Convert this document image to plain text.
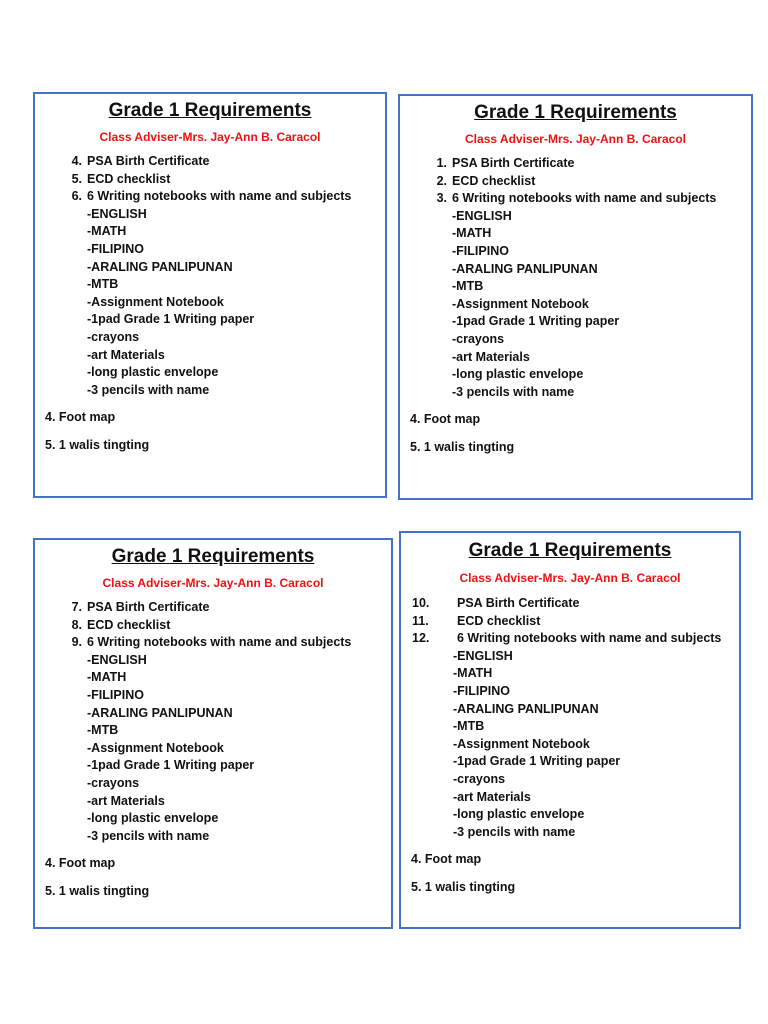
Grade 1 Requirements
Class Adviser-Mrs. Jay-Ann B. Caracol
4. PSA Birth Certificate
5. ECD checklist
6. 6 Writing notebooks with name and subjects
-ENGLISH
-MATH
-FILIPINO
-ARALING PANLIPUNAN
-MTB
-Assignment Notebook
-1pad Grade 1 Writing paper
-crayons
-art Materials
-long plastic envelope
-3 pencils with name
4. Foot map
5. 1 walis tingting
Grade 1 Requirements
Class Adviser-Mrs. Jay-Ann B. Caracol
1. PSA Birth Certificate
2. ECD checklist
3. 6 Writing notebooks with name and subjects
-ENGLISH
-MATH
-FILIPINO
-ARALING PANLIPUNAN
-MTB
-Assignment Notebook
-1pad Grade 1 Writing paper
-crayons
-art Materials
-long plastic envelope
-3 pencils with name
4. Foot map
5. 1 walis tingting
Grade 1 Requirements
Class Adviser-Mrs. Jay-Ann B. Caracol
7. PSA Birth Certificate
8. ECD checklist
9. 6 Writing notebooks with name and subjects
-ENGLISH
-MATH
-FILIPINO
-ARALING PANLIPUNAN
-MTB
-Assignment Notebook
-1pad Grade 1 Writing paper
-crayons
-art Materials
-long plastic envelope
-3 pencils with name
4. Foot map
5. 1 walis tingting
Grade 1 Requirements
Class Adviser-Mrs. Jay-Ann B. Caracol
10.	PSA Birth Certificate
11.	ECD checklist
12.	6 Writing notebooks with name and subjects
-ENGLISH
-MATH
-FILIPINO
-ARALING PANLIPUNAN
-MTB
-Assignment Notebook
-1pad Grade 1 Writing paper
-crayons
-art Materials
-long plastic envelope
-3 pencils with name
4. Foot map
5. 1 walis tingting
